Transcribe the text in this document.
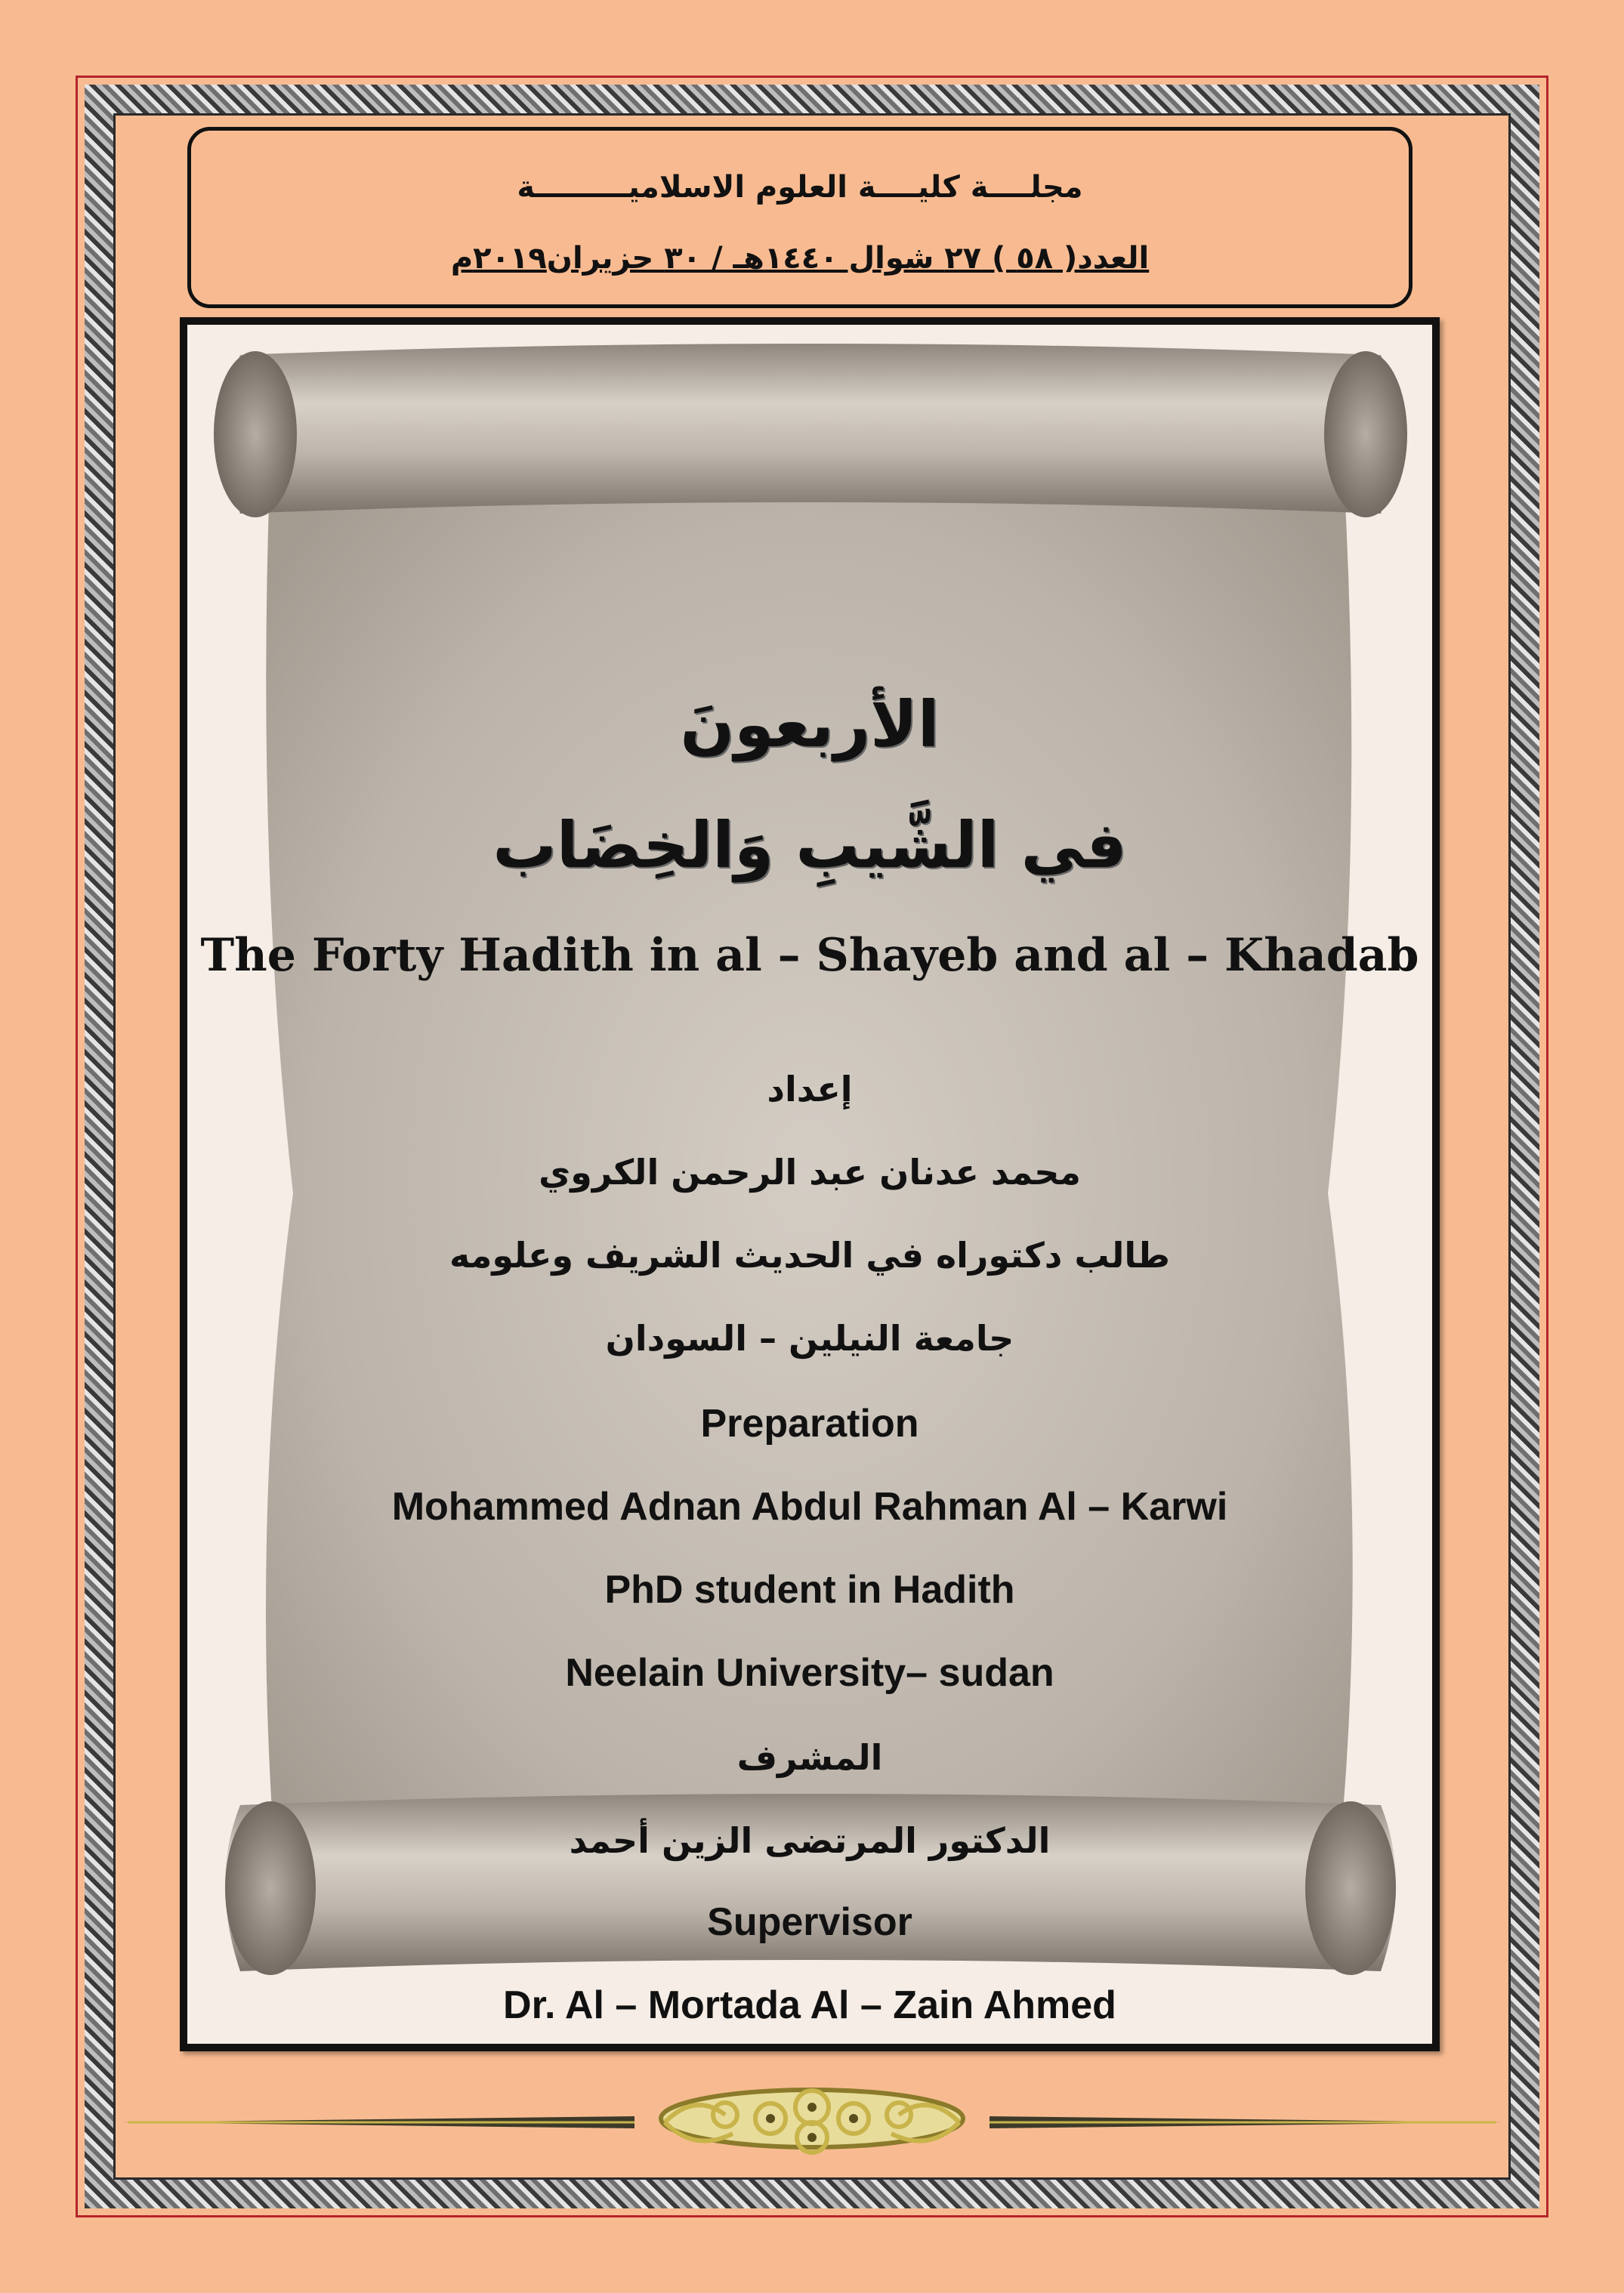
مجلــــة كليــــة العلوم الاسلاميـــــــــة
العدد( ٥٨ ) ٢٧ شوال ١٤٤٠هـ / ٣٠ حزيران٢٠١٩م
الأربعونَ
في الشَّيبِ وَالخِضَاب
The Forty Hadith in al – Shayeb and al – Khadab
إعداد
محمد عدنان عبد الرحمن الكروي
طالب دكتوراه في الحديث الشريف وعلومه
جامعة النيلين – السودان
Preparation
Mohammed Adnan Abdul Rahman Al – Karwi
PhD student in Hadith
Neelain University– sudan
المشرف
الدكتور المرتضى الزين أحمد
Supervisor
Dr. Al – Mortada Al – Zain Ahmed
